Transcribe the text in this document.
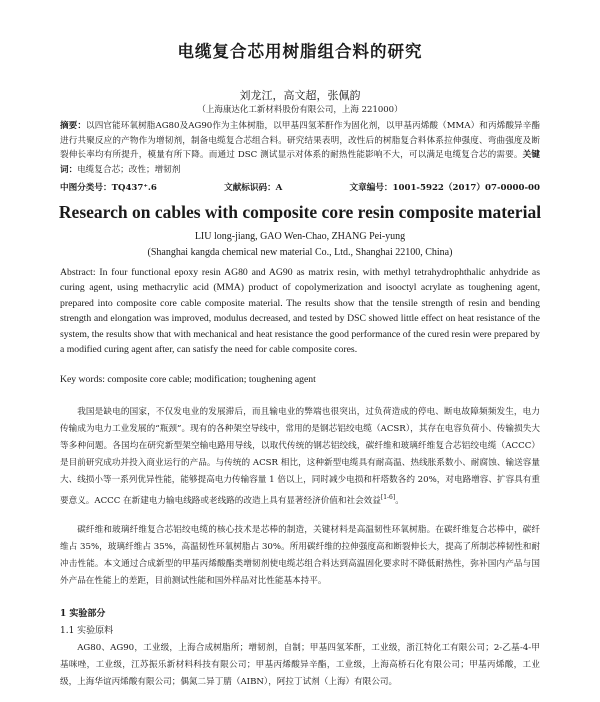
电缆复合芯用树脂组合料的研究

刘龙江，高文超，张佩韵

（上海康达化工新材料股份有限公司，上海 221000）

摘要：以四官能环氧树脂AG80及AG90作为主体树脂，以甲基四氢苯酐作为固化剂，以甲基丙烯酸（MMA）和丙烯酸异辛酯进行共聚反应的产物作为增韧剂，制备电缆复合芯组合料。研究结果表明，改性后的树脂复合料体系拉伸强度、弯曲强度及断裂伸长率均有所提升，模量有所下降。而通过 DSC 测试显示对体系的耐热性能影响不大，可以满足电缆复合芯的需要。关键词：电缆复合芯；改性；增韧剂

中图分类号：TQ437⁺.6	文献标识码：A	文章编号：1001-5922（2017）07-0000-00
Research on cables with composite core resin composite material

LIU long-jiang, GAO Wen-Chao, ZHANG Pei-yung

(Shanghai kangda chemical new material Co., Ltd., Shanghai 22100, China)

Abstract: In four functional epoxy resin AG80 and AG90 as matrix resin, with methyl tetrahydrophthalic anhydride as curing agent, using methacrylic acid (MMA) product of copolymerization and isooctyl acrylate as toughening agent, prepared into composite core cable composite material. The results show that the tensile strength of resin and bending strength and elongation was improved, modulus decreased, and tested by DSC showed little effect on heat resistance of the system, the results show that with mechanical and heat resistance the good performance of the cured resin were prepared by a modified curing agent after, can satisfy the need for cable composite cores.

Key words: composite core cable; modification; toughening agent

我国是缺电的国家，不仅发电业的发展滞后，而且输电业的弊端也很突出，过负荷造成的停电、断电故障频频发生，电力传输成为电力工业发展的“瓶颈”。现有的各种架空导线中，常用的是钢芯铝绞电缆（ACSR），其存在电容负荷小、传输损失大等多种问题。各国均在研究新型架空输电路用导线，以取代传统的钢芯铝绞线，碳纤维和玻璃纤维复合芯铝绞电缆（ACCC）是目前研究成功并投入商业运行的产品。与传统的 ACSR 相比，这种新型电缆具有耐高温、热线胀系数小、耐腐蚀、输送容量大、线损小等一系列优异性能，能够提高电力传输容量 1 倍以上，同时减少电损和杆塔数各约 20%，对电路增容、扩容具有重要意义。ACCC 在新建电力输电线路或老线路的改造上具有显著经济价值和社会效益[1-6]。

碳纤维和玻璃纤维复合芯铝绞电缆的核心技术是芯棒的制造，关键材料是高温韧性环氧树脂。在碳纤维复合芯棒中，碳纤维占 35%，玻璃纤维占 35%，高温韧性环氧树脂占 30%。所用碳纤维的拉伸强度高和断裂伸长大，提高了所制芯棒韧性和耐冲击性能。本文通过合成新型的甲基丙烯酸酯类增韧剂使电缆芯组合料达到高温固化要求时不降低耐热性，弥补国内产品与国外产品在性能上的差距，目前测试性能和国外样品对比性能基本持平。

1 实验部分

1.1 实验原料

AG80、AG90，工业级，上海合成树脂所；增韧剂，自制；甲基四氢苯酐，工业级，浙江特化工有限公司；2-乙基-4-甲基咪唑，工业级，江苏振乐新材料科技有限公司；甲基丙烯酸异辛酯，工业级，上海高桥石化有限公司；甲基丙烯酸，工业级，上海华谊丙烯酸有限公司；偶氮二异丁腈（AIBN），阿拉丁试剂（上海）有限公司。
